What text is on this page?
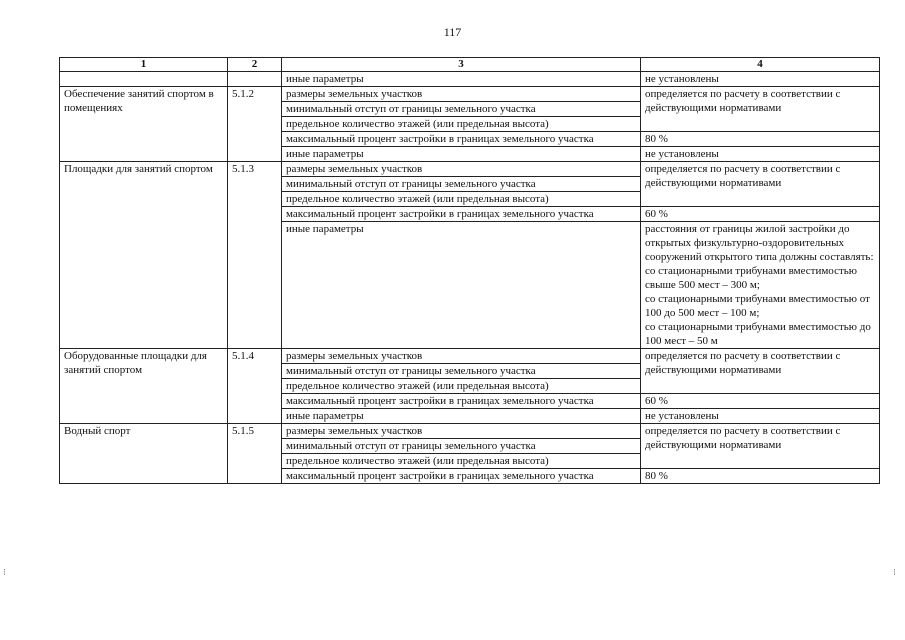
117
1	2	3	4
		иные параметры	не установлены
Обеспечение занятий спортом в помещениях	5.1.2	размеры земельных участков	определяется по расчету в соответствии с действующими нормативами
		минимальный отступ от границы земельного участка	
		предельное количество этажей (или предельная высота)	
		максимальный процент застройки в границах земельного участка	80 %
		иные параметры	не установлены
Площадки для занятий спортом	5.1.3	размеры земельных участков	определяется по расчету в соответствии с действующими нормативами
		минимальный отступ от границы земельного участка	
		предельное количество этажей (или предельная высота)	
		максимальный процент застройки в границах земельного участка	60 %
		иные параметры	расстояния от границы жилой застройки до открытых физкультурно-оздоровительных сооружений открытого типа должны составлять:
со стационарными трибунами вместимостью свыше 500 мест – 300 м;
со стационарными трибунами вместимостью от 100 до 500 мест – 100 м;
со стационарными трибунами вместимостью до 100 мест – 50 м
Оборудованные площадки для занятий спортом	5.1.4	размеры земельных участков	определяется по расчету в соответствии с действующими нормативами
		минимальный отступ от границы земельного участка	
		предельное количество этажей (или предельная высота)	
		максимальный процент застройки в границах земельного участка	60 %
		иные параметры	не установлены
Водный спорт	5.1.5	размеры земельных участков	определяется по расчету в соответствии с действующими нормативами
		минимальный отступ от границы земельного участка	
		предельное количество этажей (или предельная высота)	
		максимальный процент застройки в границах земельного участка	80 %
⁝	⁝
